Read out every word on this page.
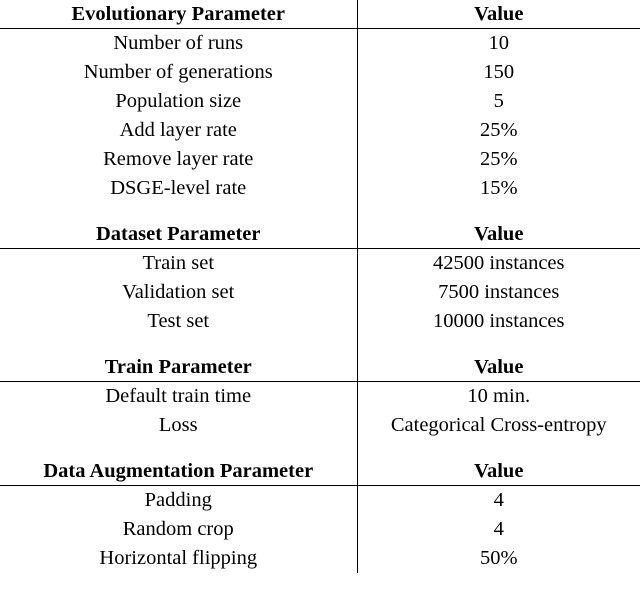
Evolutionary Parameter	Value
Number of runs	10
Number of generations	150
Population size	5
Add layer rate	25%
Remove layer rate	25%
DSGE-level rate	15%

Dataset Parameter	Value
Train set	42500 instances
Validation set	7500 instances
Test set	10000 instances

Train Parameter	Value
Default train time	10 min.
Loss	Categorical Cross-entropy

Data Augmentation Parameter	Value
Padding	4
Random crop	4
Horizontal flipping	50%
